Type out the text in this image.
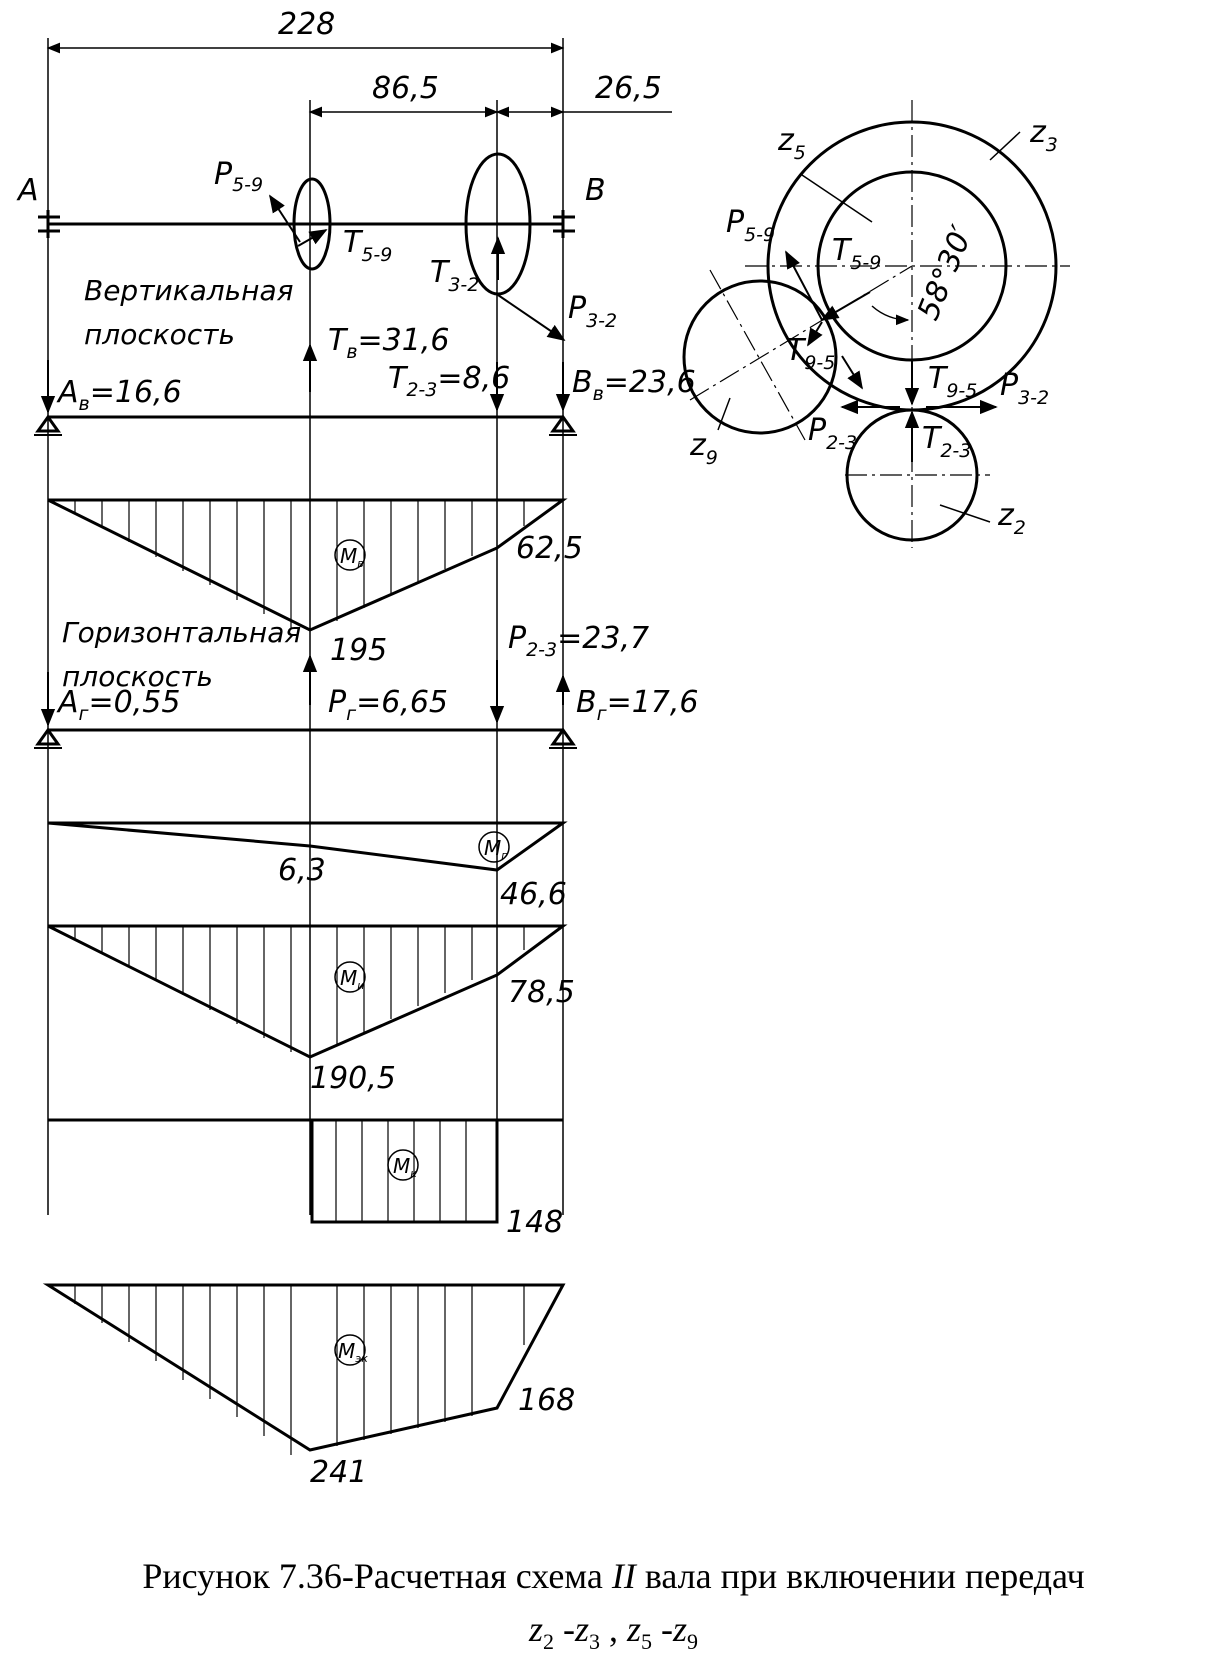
228
86,5	26,5
A	B
$P_{5-9}$
$T_{5-9}$ $T_{3-2}$
$P_{3-2}$
Вертикальная
плоскость
$A_в=16,6$
$T_в=31,6$
$T_{2-3}=8,6$ $B_в=23,6$
$M_в$
195
62,5
Горизонтальная
плоскость
$A_г=0,55$	$P_г=6,65$
$P_{2-3}=23,7$
$B_г=17,6$
$M_г$
6,3
46,6
$M_и$
190,5
78,5
$M_к$
148
$M_{эк}$
241
168
$z_5$
$z_3$
$z_9$
$z_2$
$P_{5-9}$ $T_{5-9}$
$T_{9-5}$	$T_{9-5}$ $P_{3-2}$
$P_{2-3}$ $T_{2-3}$
58°30′
Рисунок 7.36-Расчетная схема II вала при включении передач
$z_2$ $-z_3$ , $z_5$ $-z_9$
